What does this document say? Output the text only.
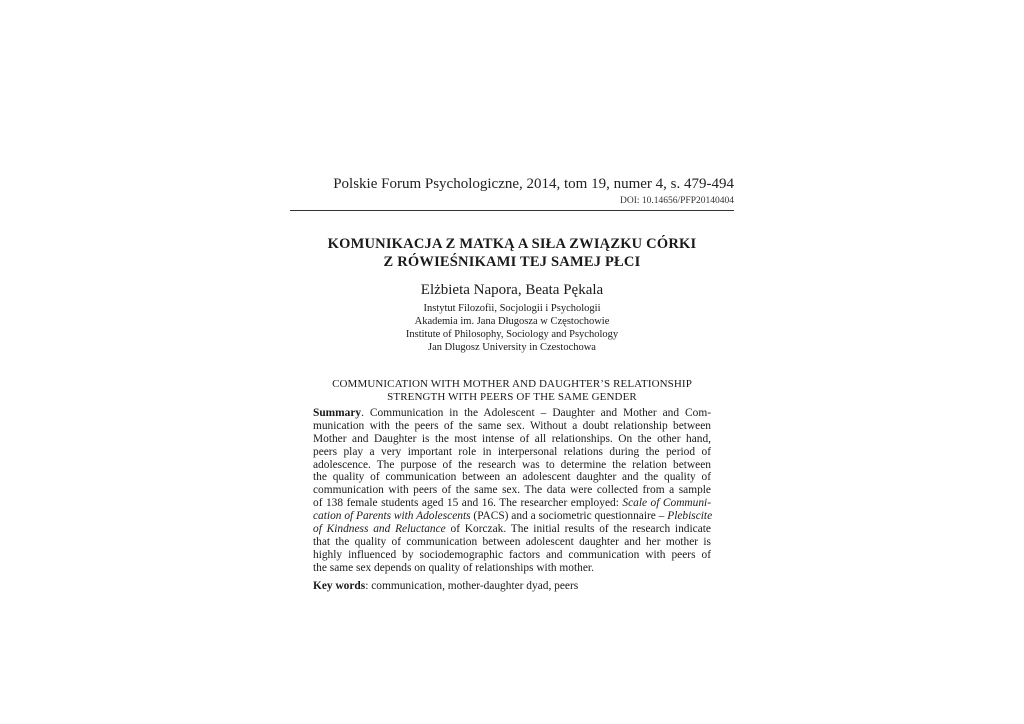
Polskie Forum Psychologiczne, 2014, tom 19, numer 4, s. 479-494
DOI: 10.14656/PFP20140404
KOMUNIKACJA Z MATKĄ A SIŁA ZWIĄZKU CÓRKI
Z RÓWIEŚNIKAMI TEJ SAMEJ PŁCI
Elżbieta Napora, Beata Pękala
Instytut Filozofii, Socjologii i Psychologii
Akademia im. Jana Długosza w Częstochowie
Institute of Philosophy, Sociology and Psychology
Jan Dlugosz University in Czestochowa
COMMUNICATION WITH MOTHER AND DAUGHTER’S RELATIONSHIP
STRENGTH WITH PEERS OF THE SAME GENDER
Summary. Communication in the Adolescent – Daughter and Mother and Com-
munication with the peers of the same sex. Without a doubt relationship between
Mother and Daughter is the most intense of all relationships. On the other hand,
peers play a very important role in interpersonal relations during the period of
adolescence. The purpose of the research was to determine the relation between
the quality of communication between an adolescent daughter and the quality of
communication with peers of the same sex. The data were collected from a sample
of 138 female students aged 15 and 16. The researcher employed: Scale of Communi-
cation of Parents with Adolescents (PACS) and a sociometric questionnaire – Plebiscite
of Kindness and Reluctance of Korczak. The initial results of the research indicate
that the quality of communication between adolescent daughter and her mother is
highly influenced by sociodemographic factors and communication with peers of
the same sex depends on quality of relationships with mother.
Key words: communication, mother-daughter dyad, peers
